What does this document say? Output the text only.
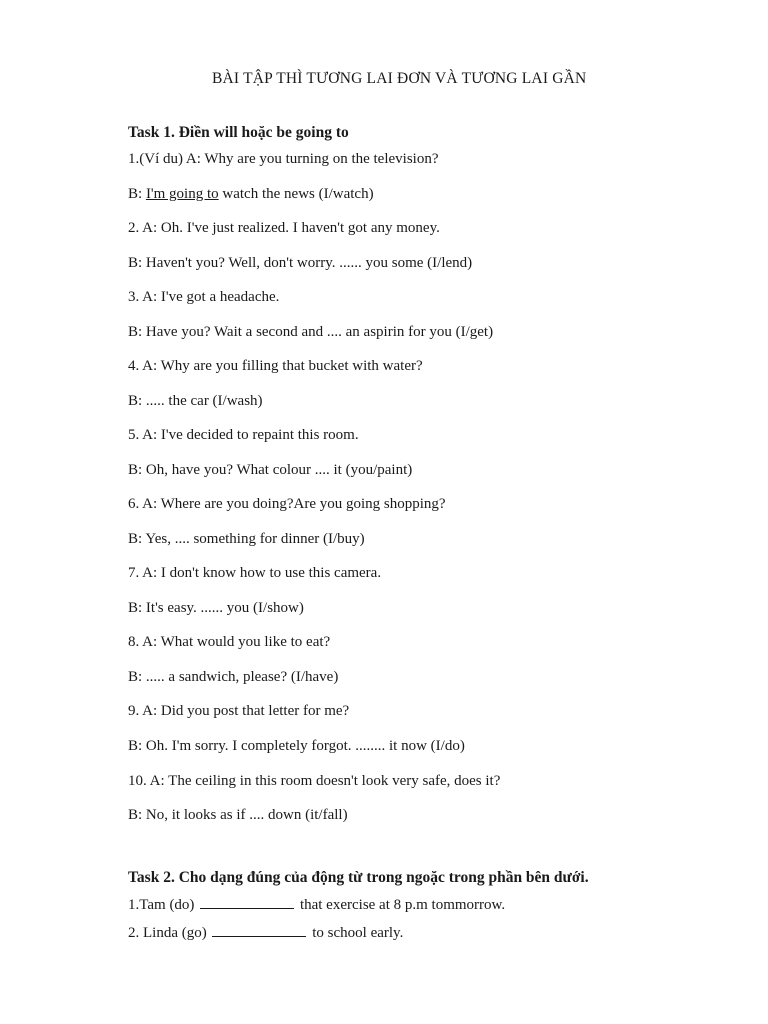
BÀI TẬP THÌ TƯƠNG LAI ĐƠN VÀ TƯƠNG LAI GẦN
Task 1. Điền will hoặc be going to
1.(Ví du) A: Why are you turning on the television?
B: I'm going to watch the news (I/watch)
2. A: Oh. I've just realized. I haven't got any money.
B: Haven't you? Well, don't worry. ...... you some (I/lend)
3. A: I've got a headache.
B: Have you? Wait a second and .... an aspirin for you (I/get)
4. A: Why are you filling that bucket with water?
B: ..... the car (I/wash)
5. A: I've decided to repaint this room.
B: Oh, have you? What colour .... it (you/paint)
6. A: Where are you doing?Are you going shopping?
B: Yes, .... something for dinner (I/buy)
7. A: I don't know how to use this camera.
B: It's easy. ...... you (I/show)
8. A: What would you like to eat?
B: ..... a sandwich, please? (I/have)
9. A: Did you post that letter for me?
B: Oh. I'm sorry. I completely forgot. ........ it now (I/do)
10. A: The ceiling in this room doesn't look very safe, does it?
B: No, it looks as if .... down (it/fall)
Task 2. Cho dạng đúng của động từ trong ngoặc trong phần bên dưới.
1.Tam (do)	that exercise at 8 p.m tommorrow.
2. Linda (go)	to school early.
